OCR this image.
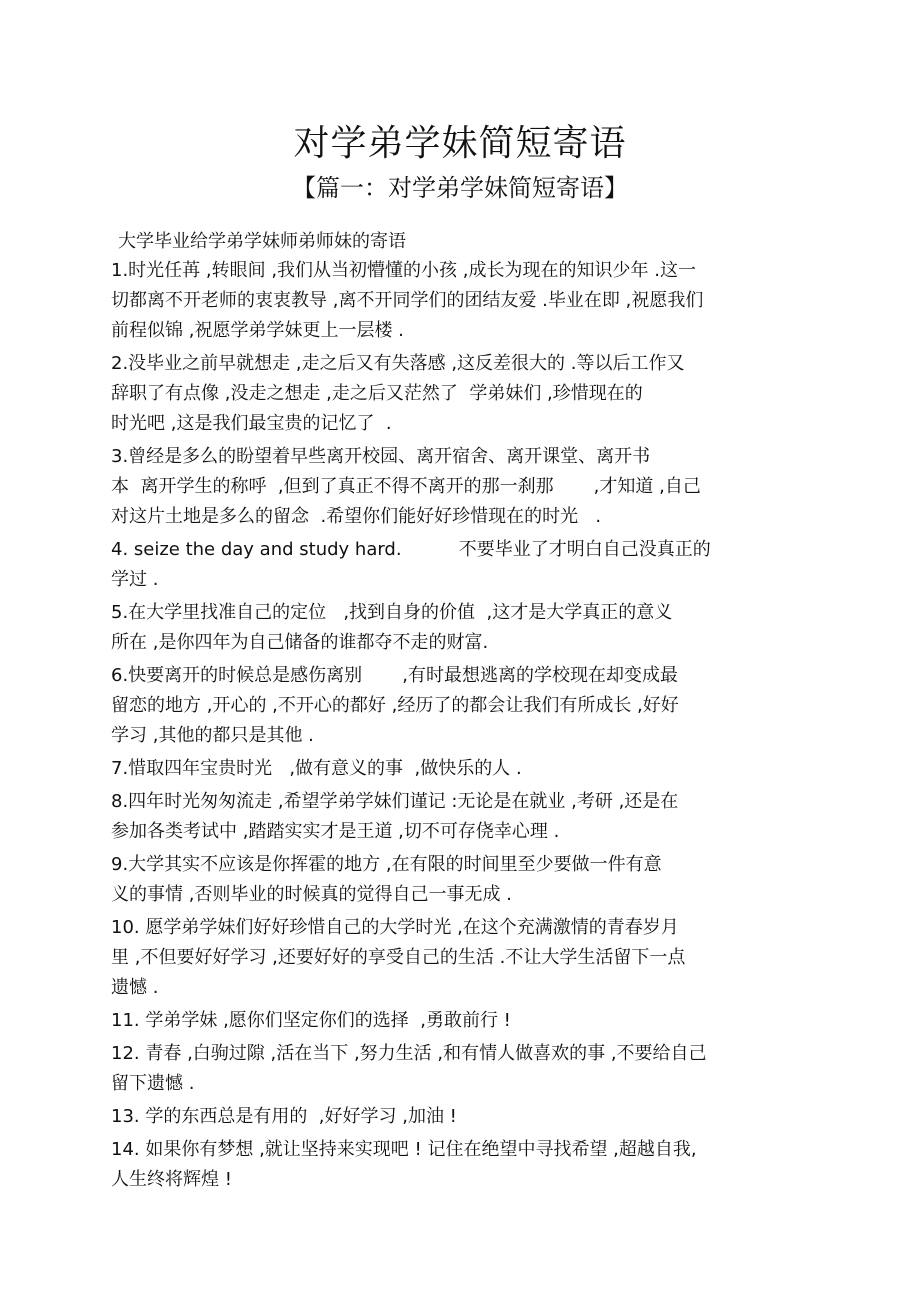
对学弟学妹简短寄语
【篇一：对学弟学妹简短寄语】

大学毕业给学弟学妹师弟师妹的寄语

1.时光任苒 ,转眼间 ,我们从当初懵懂的小孩 ,成长为现在的知识少年 .这一
切都离不开老师的衷衷教导 ,离不开同学们的团结友爱 .毕业在即 ,祝愿我们
前程似锦 ,祝愿学弟学妹更上一层楼 .

2.没毕业之前早就想走 ,走之后又有失落感 ,这反差很大的 .等以后工作又
辞职了有点像 ,没走之想走 ,走之后又茫然了  学弟妹们 ,珍惜现在的
时光吧 ,这是我们最宝贵的记忆了  .

3.曾经是多么的盼望着早些离开校园、离开宿舍、离开课堂、离开书
本  离开学生的称呼  ,但到了真正不得不离开的那一刹那       ,才知道 ,自己
对这片土地是多么的留念  .希望你们能好好珍惜现在的时光   .

4. seize the day and study hard.          不要毕业了才明白自己没真正的
学过 .

5.在大学里找准自己的定位   ,找到自身的价值  ,这才是大学真正的意义
所在 ,是你四年为自己储备的谁都夺不走的财富.

6.快要离开的时候总是感伤离别       ,有时最想逃离的学校现在却变成最
留恋的地方 ,开心的 ,不开心的都好 ,经历了的都会让我们有所成长 ,好好
学习 ,其他的都只是其他 .

7.惜取四年宝贵时光   ,做有意义的事  ,做快乐的人 .

8.四年时光匆匆流走 ,希望学弟学妹们谨记 :无论是在就业 ,考研 ,还是在
参加各类考试中 ,踏踏实实才是王道 ,切不可存侥幸心理 .

9.大学其实不应该是你挥霍的地方 ,在有限的时间里至少要做一件有意
义的事情 ,否则毕业的时候真的觉得自己一事无成 .

10. 愿学弟学妹们好好珍惜自己的大学时光 ,在这个充满激情的青春岁月
里 ,不但要好好学习 ,还要好好的享受自己的生活 .不让大学生活留下一点
遗憾 .

11. 学弟学妹 ,愿你们坚定你们的选择  ,勇敢前行 !

12. 青春 ,白驹过隙 ,活在当下 ,努力生活 ,和有情人做喜欢的事 ,不要给自己
留下遗憾 .

13. 学的东西总是有用的  ,好好学习 ,加油 !

14. 如果你有梦想 ,就让坚持来实现吧 ! 记住在绝望中寻找希望 ,超越自我,
人生终将辉煌 !
